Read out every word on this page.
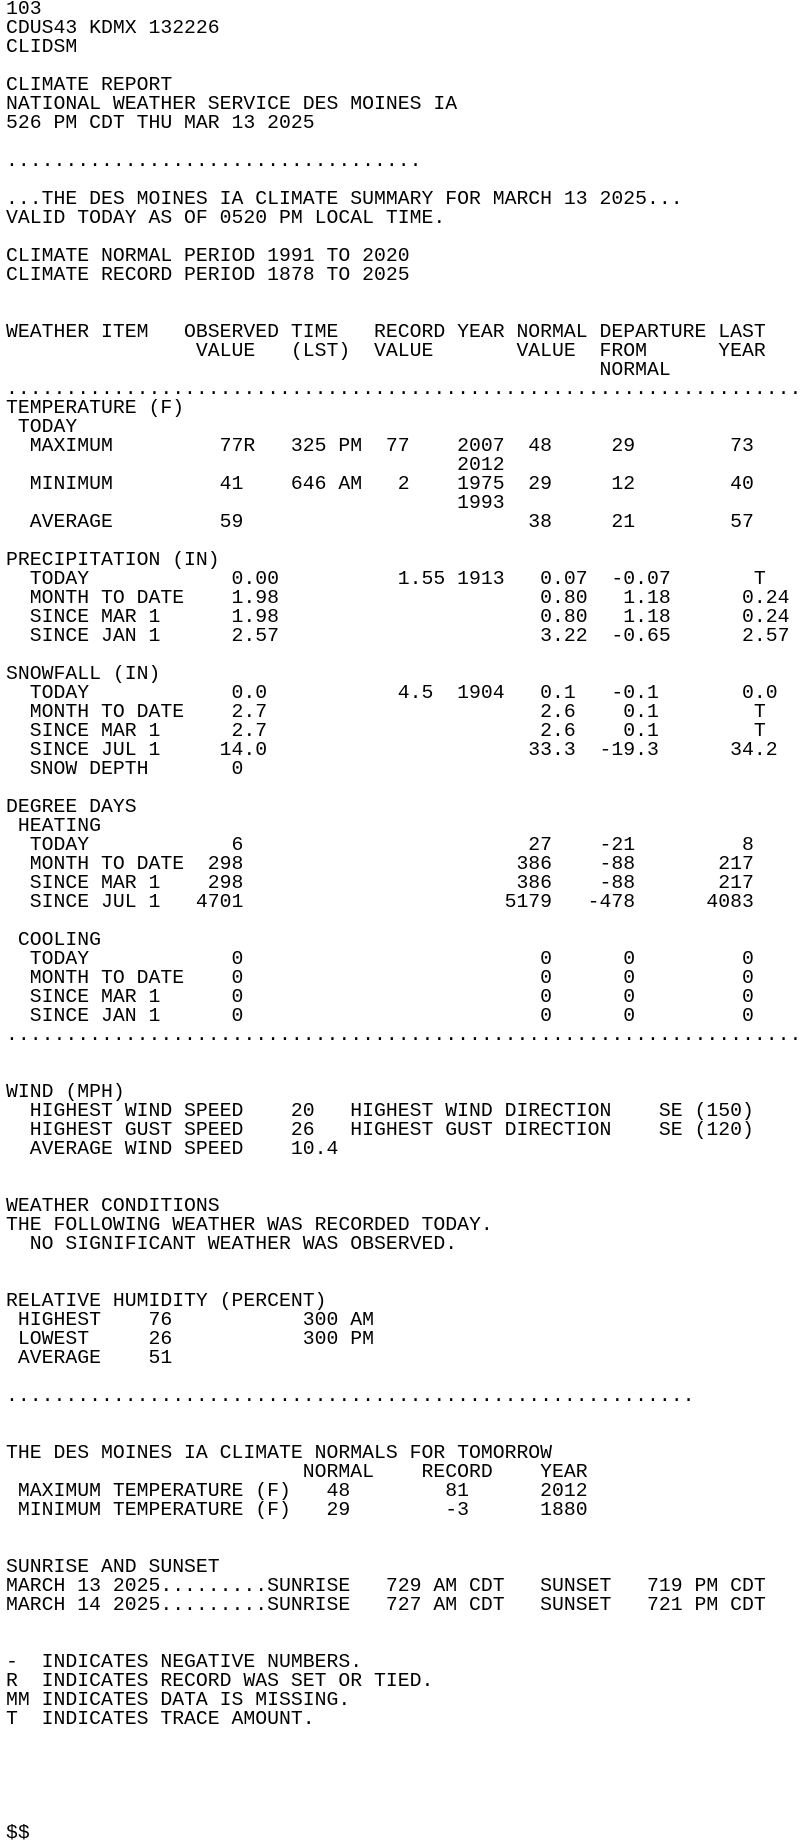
103
CDUS43 KDMX 132226
CLIDSM

CLIMATE REPORT
NATIONAL WEATHER SERVICE DES MOINES IA
526 PM CDT THU MAR 13 2025

...................................

...THE DES MOINES IA CLIMATE SUMMARY FOR MARCH 13 2025...
VALID TODAY AS OF 0520 PM LOCAL TIME.

CLIMATE NORMAL PERIOD 1991 TO 2020
CLIMATE RECORD PERIOD 1878 TO 2025

WEATHER ITEM   OBSERVED TIME   RECORD YEAR NORMAL DEPARTURE LAST
VALUE   (LST)  VALUE       VALUE  FROM      YEAR
NORMAL
...................................................................
TEMPERATURE (F)
TODAY
MAXIMUM         77R   325 PM  77    2007  48     29        73
2012
MINIMUM         41    646 AM   2    1975  29     12        40
1993
AVERAGE         59                        38     21        57

PRECIPITATION (IN)
TODAY            0.00          1.55 1913   0.07  -0.07       T
MONTH TO DATE    1.98                      0.80   1.18      0.24
SINCE MAR 1      1.98                      0.80   1.18      0.24
SINCE JAN 1      2.57                      3.22  -0.65      2.57

SNOWFALL (IN)
TODAY            0.0           4.5  1904   0.1   -0.1       0.0
MONTH TO DATE    2.7                       2.6    0.1        T
SINCE MAR 1      2.7                       2.6    0.1        T
SINCE JUL 1     14.0                      33.3  -19.3      34.2
SNOW DEPTH       0

DEGREE DAYS
HEATING
TODAY            6                        27    -21         8
MONTH TO DATE  298                       386    -88       217
SINCE MAR 1    298                       386    -88       217
SINCE JUL 1   4701                      5179   -478      4083

COOLING
TODAY            0                         0      0         0
MONTH TO DATE    0                         0      0         0
SINCE MAR 1      0                         0      0         0
SINCE JAN 1      0                         0      0         0
...................................................................

WIND (MPH)
HIGHEST WIND SPEED    20   HIGHEST WIND DIRECTION    SE (150)
HIGHEST GUST SPEED    26   HIGHEST GUST DIRECTION    SE (120)
AVERAGE WIND SPEED    10.4

WEATHER CONDITIONS
THE FOLLOWING WEATHER WAS RECORDED TODAY.
NO SIGNIFICANT WEATHER WAS OBSERVED.

RELATIVE HUMIDITY (PERCENT)
HIGHEST    76           300 AM
LOWEST     26           300 PM
AVERAGE    51

..........................................................

THE DES MOINES IA CLIMATE NORMALS FOR TOMORROW
NORMAL    RECORD    YEAR
MAXIMUM TEMPERATURE (F)   48        81      2012
MINIMUM TEMPERATURE (F)   29        -3      1880

SUNRISE AND SUNSET
MARCH 13 2025.........SUNRISE   729 AM CDT   SUNSET   719 PM CDT
MARCH 14 2025.........SUNRISE   727 AM CDT   SUNSET   721 PM CDT

-  INDICATES NEGATIVE NUMBERS.
R  INDICATES RECORD WAS SET OR TIED.
MM INDICATES DATA IS MISSING.
T  INDICATES TRACE AMOUNT.

$$
